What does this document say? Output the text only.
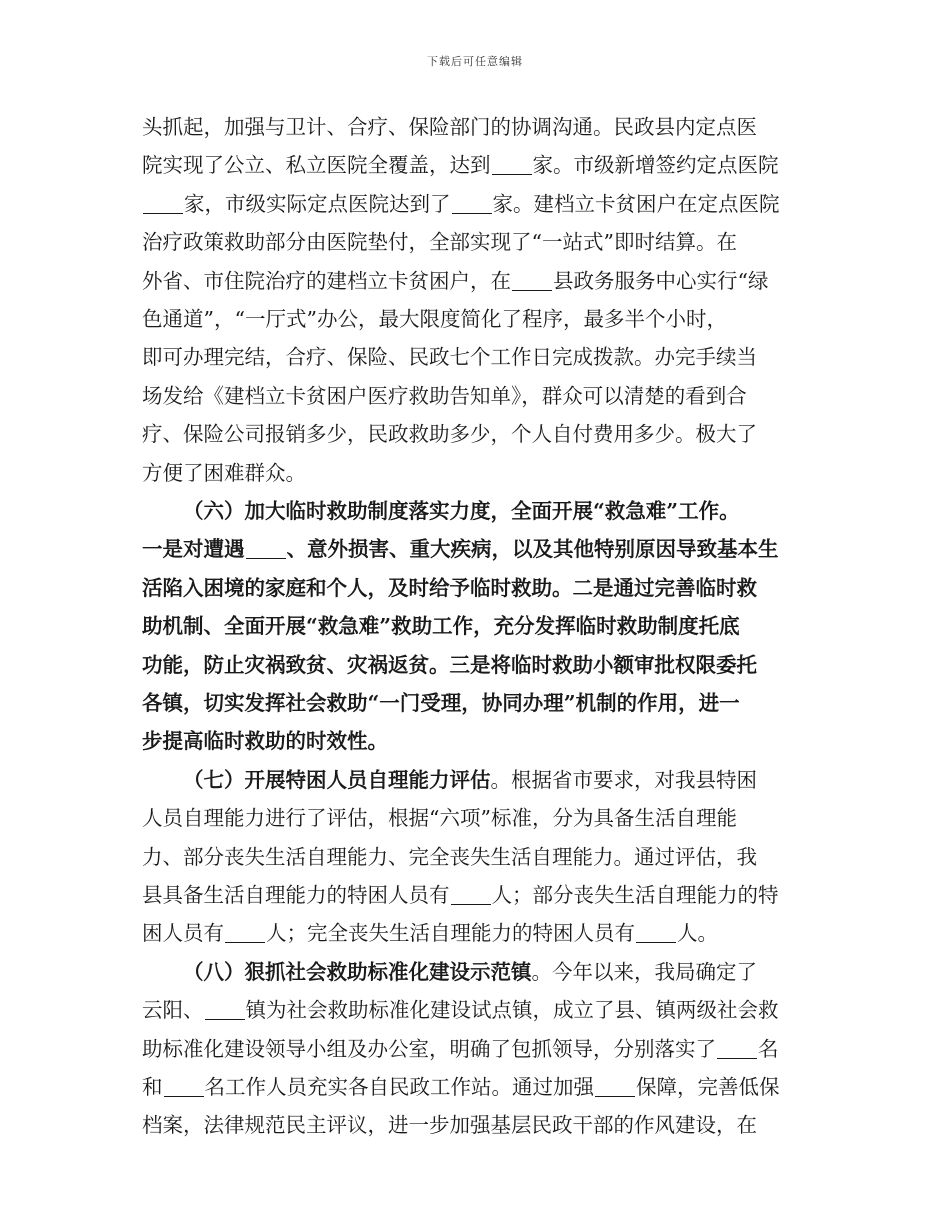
下载后可任意编辑
头抓起，加强与卫计、合疗、保险部门的协调沟通。民政县内定点医
院实现了公立、私立医院全覆盖，达到 家。市级新增签约定点医院
家，市级实际定点医院达到了 家。建档立卡贫困户在定点医院
治疗政策救助部分由医院垫付，全部实现了“一站式”即时结算。在
外省、市住院治疗的建档立卡贫困户，在 县政务服务中心实行“绿
色通道”，“一厅式”办公，最大限度简化了程序，最多半个小时，
即可办理完结，合疗、保险、民政七个工作日完成拨款。办完手续当
场发给《建档立卡贫困户医疗救助告知单》，群众可以清楚的看到合
疗、保险公司报销多少，民政救助多少，个人自付费用多少。极大了
方便了困难群众。
（六）加大临时救助制度落实力度，全面开展“救急难”工作。
一是对遭遇 、意外损害、重大疾病，以及其他特别原因导致基本生
活陷入困境的家庭和个人，及时给予临时救助。二是通过完善临时救
助机制、全面开展“救急难”救助工作，充分发挥临时救助制度托底
功能，防止灾祸致贫、灾祸返贫。三是将临时救助小额审批权限委托
各镇，切实发挥社会救助“一门受理，协同办理”机制的作用，进一
步提高临时救助的时效性。
（七）开展特困人员自理能力评估。根据省市要求，对我县特困
人员自理能力进行了评估，根据“六项”标准，分为具备生活自理能
力、部分丧失生活自理能力、完全丧失生活自理能力。通过评估，我
县具备生活自理能力的特困人员有 人；部分丧失生活自理能力的特
困人员有 人；完全丧失生活自理能力的特困人员有 人。
（八）狠抓社会救助标准化建设示范镇。今年以来，我局确定了
云阳、 镇为社会救助标准化建设试点镇，成立了县、镇两级社会救
助标准化建设领导小组及办公室，明确了包抓领导，分别落实了 名
和 名工作人员充实各自民政工作站。通过加强 保障，完善低保
档案，法律规范民主评议，进一步加强基层民政干部的作风建设，在
